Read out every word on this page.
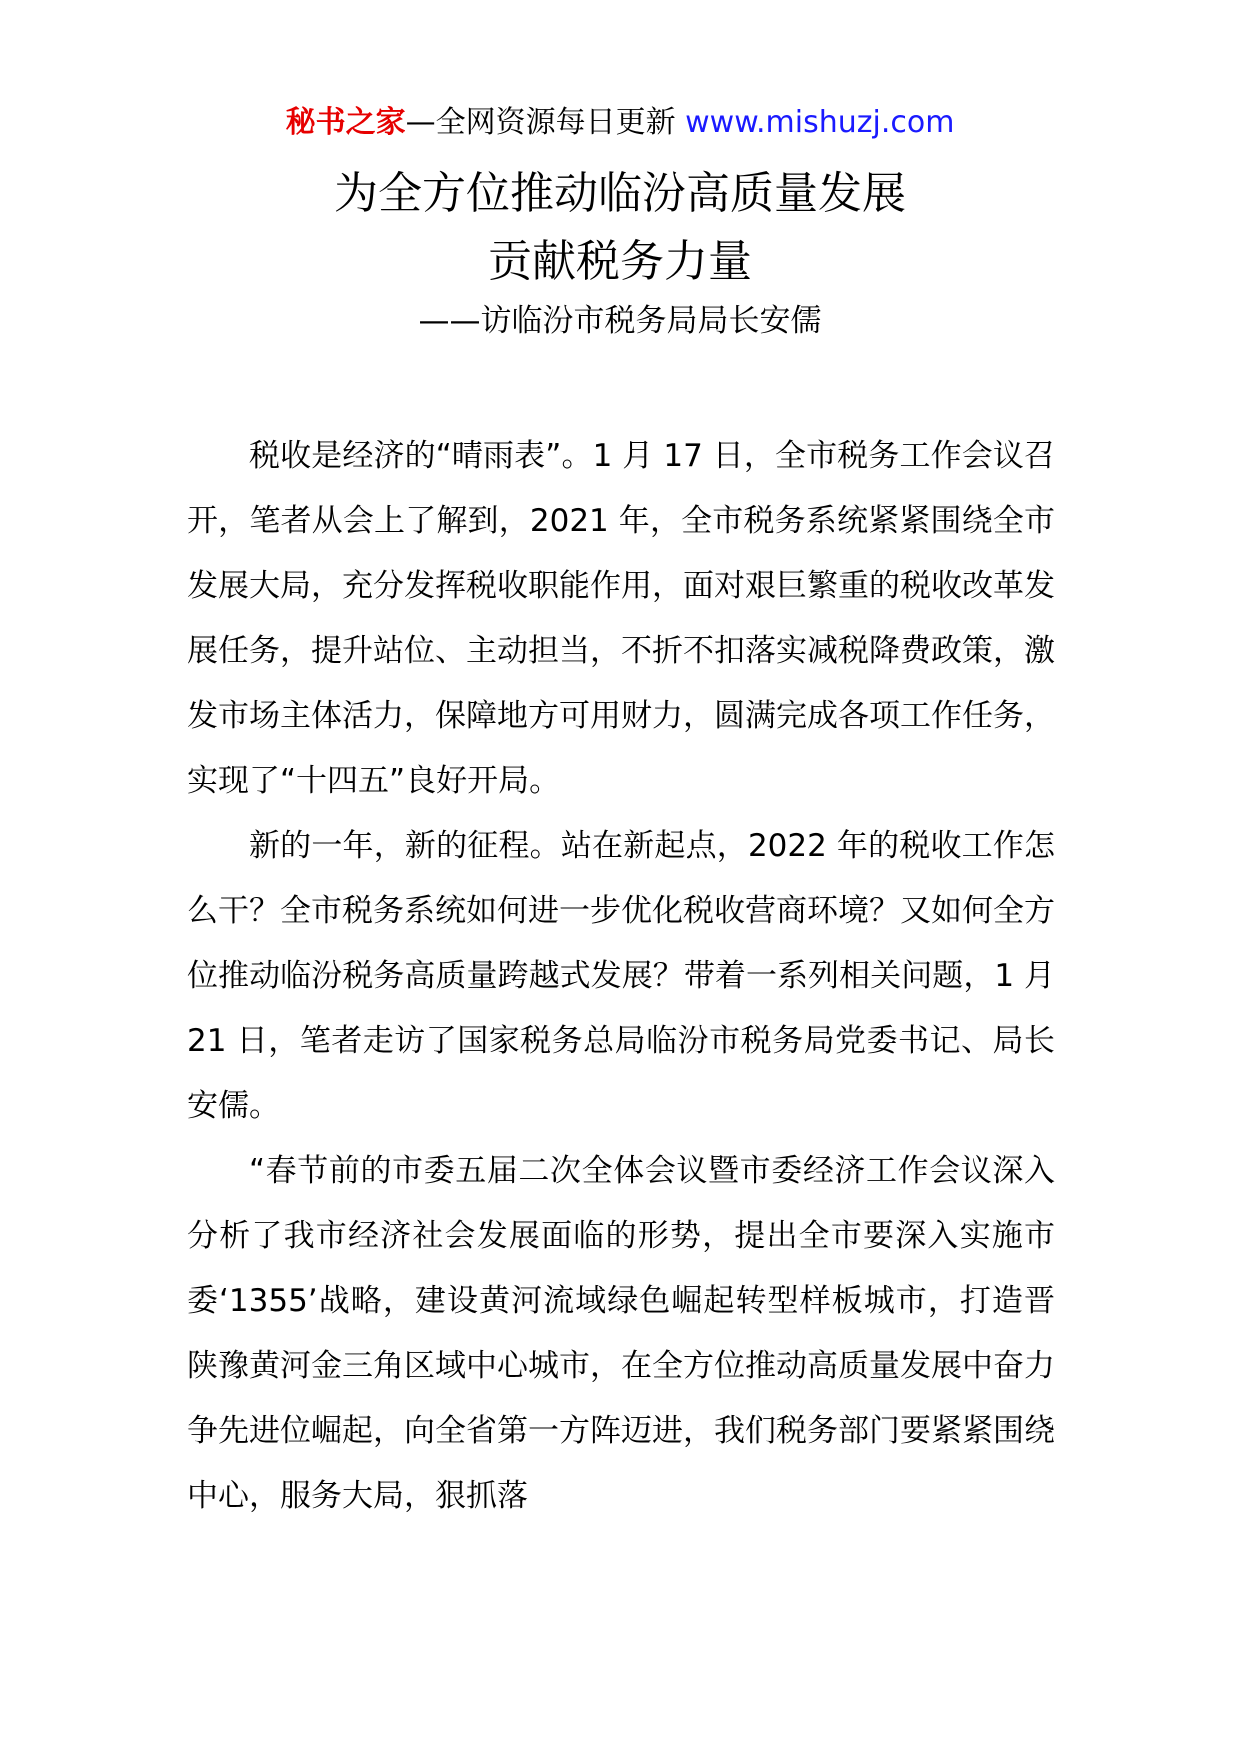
秘书之家—全网资源每日更新 www.mishuzj.com
为全方位推动临汾高质量发展
贡献税务力量
——访临汾市税务局局长安儒

税收是经济的“晴雨表”。1 月 17 日，全市税务工作会议召开，笔者从会上了解到，2021 年，全市税务系统紧紧围绕全市发展大局，充分发挥税收职能作用，面对艰巨繁重的税收改革发展任务，提升站位、主动担当，不折不扣落实减税降费政策，激发市场主体活力，保障地方可用财力，圆满完成各项工作任务，实现了“十四五”良好开局。

新的一年，新的征程。站在新起点，2022 年的税收工作怎么干？全市税务系统如何进一步优化税收营商环境？又如何全方位推动临汾税务高质量跨越式发展？带着一系列相关问题，1 月 21 日，笔者走访了国家税务总局临汾市税务局党委书记、局长安儒。

“春节前的市委五届二次全体会议暨市委经济工作会议深入分析了我市经济社会发展面临的形势，提出全市要深入实施市委‘1355’战略，建设黄河流域绿色崛起转型样板城市，打造晋陕豫黄河金三角区域中心城市，在全方位推动高质量发展中奋力争先进位崛起，向全省第一方阵迈进，我们税务部门要紧紧围绕中心，服务大局，狠抓落
